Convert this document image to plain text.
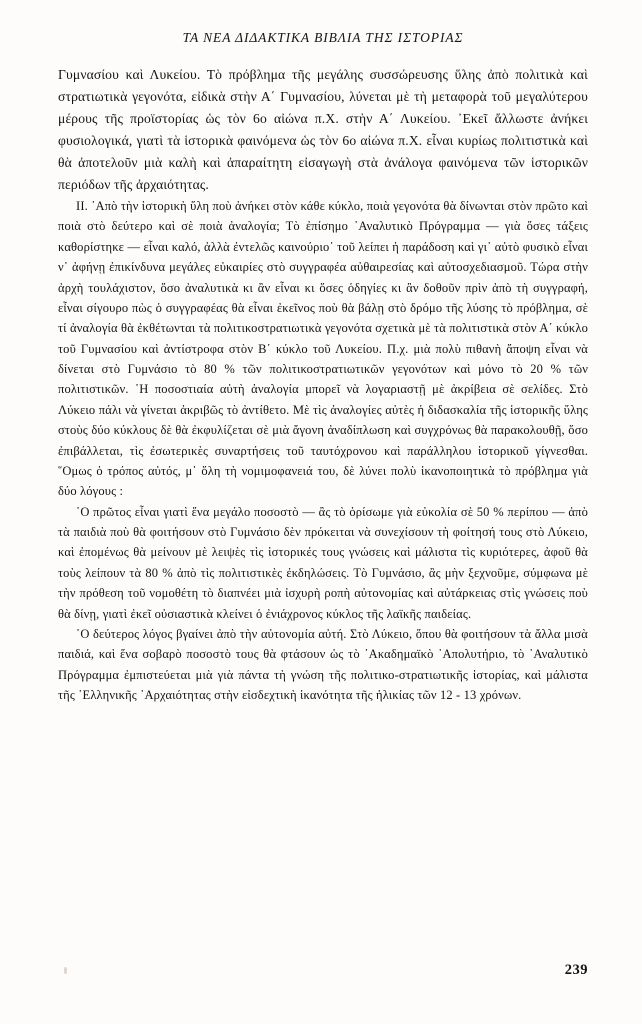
ΤΑ ΝΕΑ ΔΙΔΑΚΤΙΚΑ ΒΙΒΛΙΑ ΤΗΣ ΙΣΤΟΡΙΑΣ

Γυμνασίου καὶ Λυκείου. Τὸ πρόβλημα τῆς μεγάλης συσσώρευσης ὕλης ἀπὸ πολιτικὰ καὶ στρατιωτικὰ γεγονότα, εἰδικὰ στὴν Α΄ Γυμνασίου, λύνεται μὲ τὴ μεταφορὰ τοῦ μεγαλύτερου μέρους τῆς προϊστορίας ὡς τὸν 6ο αἰώνα π.Χ. στὴν Α΄ Λυκείου. ᾿Εκεῖ ἄλλωστε ἀνήκει φυσιολογικά, γιατὶ τὰ ἱστορικὰ φαινόμενα ὡς τὸν 6ο αἰώνα π.Χ. εἶναι κυρίως πολιτιστικὰ καὶ θὰ ἀποτελοῦν μιὰ καλὴ καὶ ἀπαραίτητη εἰσαγωγὴ στὰ ἀνάλογα φαινόμενα τῶν ἱστορικῶν περιόδων τῆς ἀρχαιότητας.

ΙΙ. ᾿Απὸ τὴν ἱστορικὴ ὕλη ποὺ ἀνήκει στὸν κάθε κύκλο, ποιὰ γεγονότα θὰ δίνωνται στὸν πρῶτο καὶ ποιὰ στὸ δεύτερο καὶ σὲ ποιὰ ἀναλογία; Τὸ ἐπίσημο ᾿Αναλυτικὸ Πρόγραμμα — γιὰ ὅσες τάξεις καθορίστηκε — εἶναι καλό, ἀλλὰ ἐντελῶς καινούριο᾿ τοῦ λείπει ἡ παράδοση καὶ γι᾿ αὐτὸ φυσικὸ εἶναι ν᾿ ἀφήνῃ ἐπικίνδυνα μεγάλες εὐκαιρίες στὸ συγγραφέα αὐθαιρεσίας καὶ αὐτοσχεδιασμοῦ. Τώρα στὴν ἀρχὴ τουλάχιστον, ὅσο ἀναλυτικὰ κι ἂν εἶναι κι ὅσες ὁδηγίες κι ἂν δοθοῦν πρὶν ἀπὸ τὴ συγγραφή, εἶναι σίγουρο πὼς ὁ συγγραφέας θὰ εἶναι ἐκεῖνος ποὺ θὰ βάλῃ στὸ δρόμο τῆς λύσης τὸ πρόβλημα, σὲ τί ἀναλογία θὰ ἐκθέτωνται τὰ πολιτικοστρατιωτικὰ γεγονότα σχετικὰ μὲ τὰ πολιτιστικὰ στὸν Α΄ κύκλο τοῦ Γυμνασίου καὶ ἀντίστροφα στὸν Β΄ κύκλο τοῦ Λυκείου. Π.χ. μιὰ πολὺ πιθανὴ ἄποψη εἶναι νὰ δίνεται στὸ Γυμνάσιο τὸ 80 % τῶν πολιτικοστρατιωτικῶν γεγονότων καὶ μόνο τὸ 20 % τῶν πολιτιστικῶν. ῾Η ποσοστιαία αὐτὴ ἀναλογία μπορεῖ νὰ λογαριαστῇ μὲ ἀκρίβεια σὲ σελίδες. Στὸ Λύκειο πάλι νὰ γίνεται ἀκριβῶς τὸ ἀντίθετο. Μὲ τὶς ἀναλογίες αὐτὲς ἡ διδασκαλία τῆς ἱστορικῆς ὕλης στοὺς δύο κύκλους δὲ θὰ ἐκφυλίζεται σὲ μιὰ ἄγονη ἀναδίπλωση καὶ συγχρόνως θὰ παρακολουθῇ, ὅσο ἐπιβάλλεται, τὶς ἐσωτερικὲς συναρτήσεις τοῦ ταυτόχρονου καὶ παράλληλου ἱστορικοῦ γίγνεσθαι. ῞Ομως ὁ τρόπος αὐτός, μ᾿ ὅλη τὴ νομιμοφανειά του, δὲ λύνει πολὺ ἱκανοποιητικὰ τὸ πρόβλημα γιὰ δύο λόγους :

῾Ο πρῶτος εἶναι γιατὶ ἕνα μεγάλο ποσοστὸ — ἂς τὸ ὁρίσωμε γιὰ εὐκολία σὲ 50 % περίπου — ἀπὸ τὰ παιδιὰ ποὺ θὰ φοιτήσουν στὸ Γυμνάσιο δὲν πρόκειται νὰ συνεχίσουν τὴ φοίτησή τους στὸ Λύκειο, καὶ ἐπομένως θὰ μείνουν μὲ λειψὲς τὶς ἱστορικές τους γνώσεις καὶ μάλιστα τὶς κυριότερες, ἀφοῦ θὰ τοὺς λείπουν τὰ 80 % ἀπὸ τὶς πολιτιστικὲς ἐκδηλώσεις. Τὸ Γυμνάσιο, ἂς μὴν ξεχνοῦμε, σύμφωνα μὲ τὴν πρόθεση τοῦ νομοθέτη τὸ διαπνέει μιὰ ἰσχυρὴ ροπὴ αὐτονομίας καὶ αὐτάρκειας στὶς γνώσεις ποὺ θὰ δίνῃ, γιατὶ ἐκεῖ οὐσιαστικὰ κλείνει ὁ ἐνιάχρονος κύκλος τῆς λαϊκῆς παιδείας.

῾Ο δεύτερος λόγος βγαίνει ἀπὸ τὴν αὐτονομία αὐτή. Στὸ Λύκειο, ὅπου θὰ φοιτήσουν τὰ ἄλλα μισὰ παιδιά, καὶ ἕνα σοβαρὸ ποσοστὸ τους θὰ φτάσουν ὡς τὸ ᾿Ακαδημαϊκὸ ᾿Απολυτήριο, τὸ ᾿Αναλυτικὸ Πρόγραμμα ἐμπιστεύεται μιὰ γιὰ πάντα τὴ γνώση τῆς πολιτικο-στρατιωτικῆς ἱστορίας, καὶ μάλιστα τῆς ῾Ελληνικῆς ᾿Αρχαιότητας στὴν εἰσδεχτικὴ ἱκανότητα τῆς ἡλικίας τῶν 12 - 13 χρόνων.

239
